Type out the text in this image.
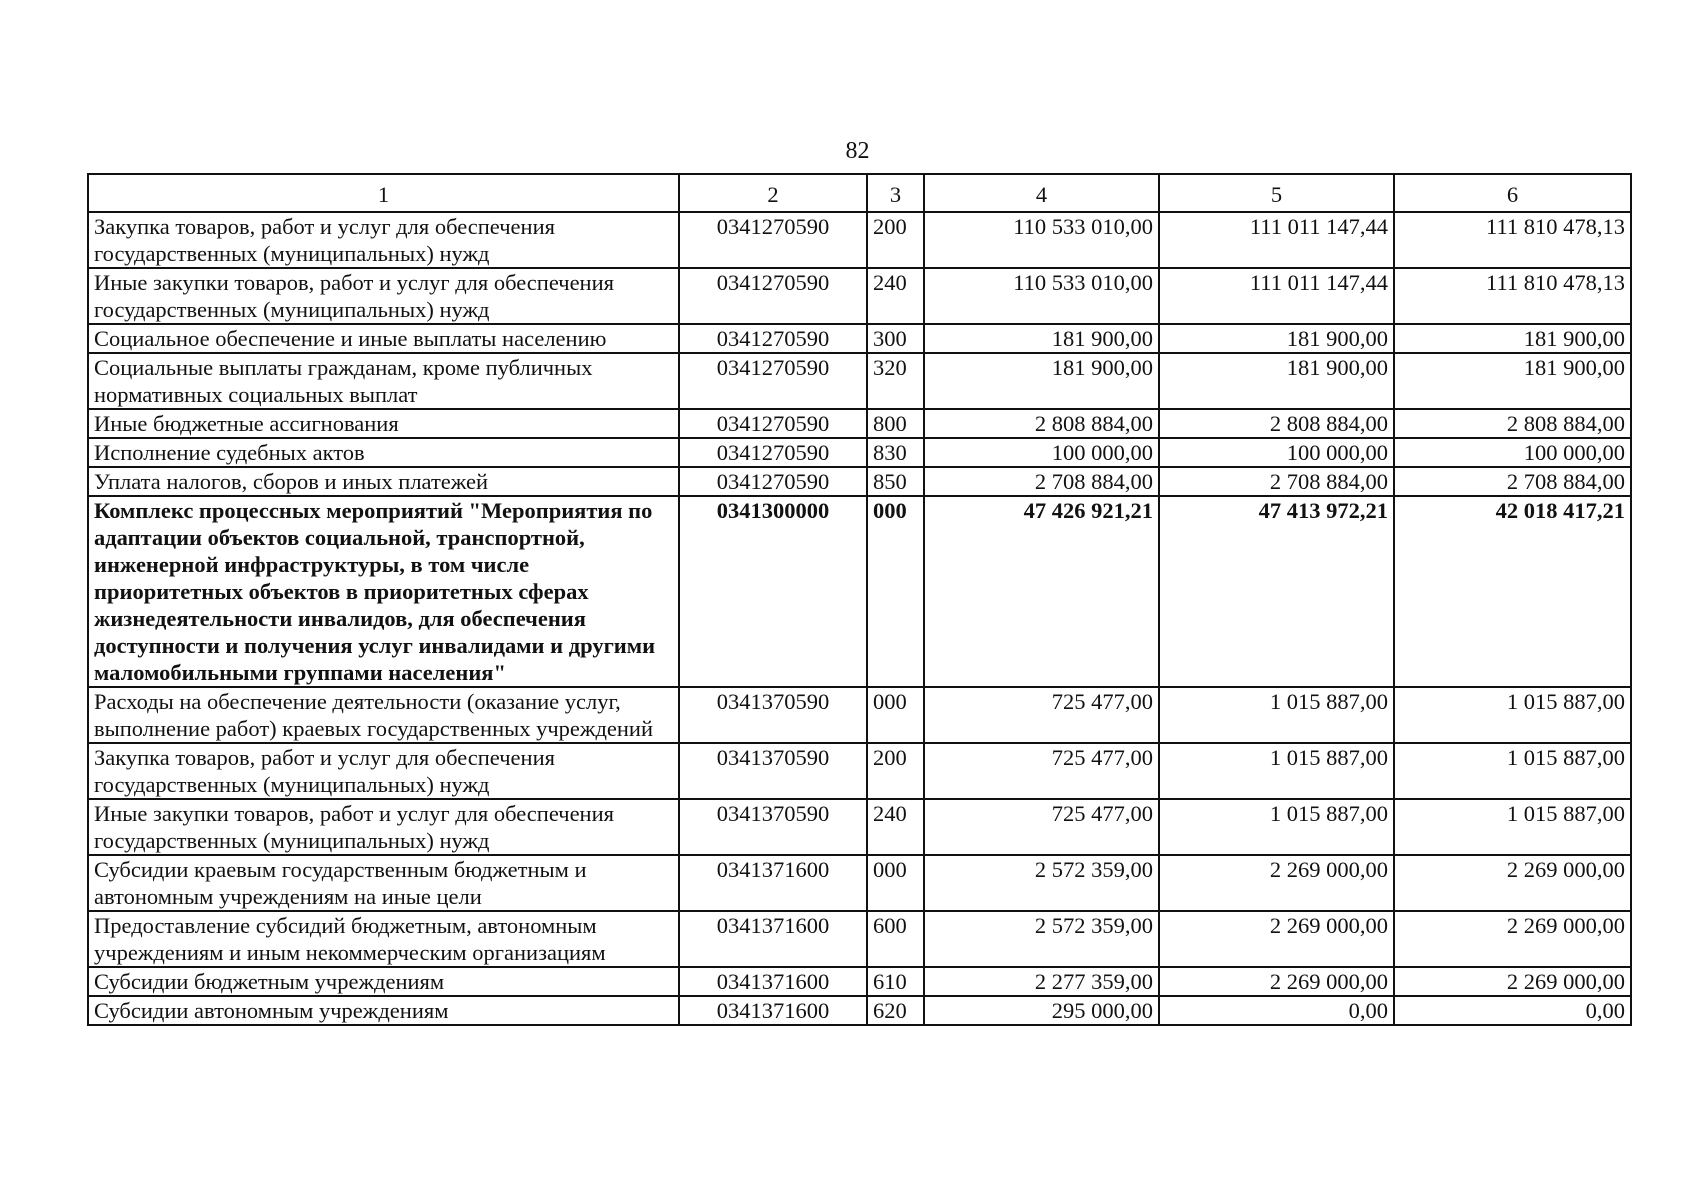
82
1	2	3	4	5	6
Закупка товаров, работ и услуг для обеспечения государственных (муниципальных) нужд	0341270590	200	110 533 010,00	111 011 147,44	111 810 478,13
Иные закупки товаров, работ и услуг для обеспечения государственных (муниципальных) нужд	0341270590	240	110 533 010,00	111 011 147,44	111 810 478,13
Социальное обеспечение и иные выплаты населению	0341270590	300	181 900,00	181 900,00	181 900,00
Социальные выплаты гражданам, кроме публичных нормативных социальных выплат	0341270590	320	181 900,00	181 900,00	181 900,00
Иные бюджетные ассигнования	0341270590	800	2 808 884,00	2 808 884,00	2 808 884,00
Исполнение судебных актов	0341270590	830	100 000,00	100 000,00	100 000,00
Уплата налогов, сборов и иных платежей	0341270590	850	2 708 884,00	2 708 884,00	2 708 884,00
Комплекс процессных мероприятий "Мероприятия по адаптации объектов социальной, транспортной, инженерной инфраструктуры, в том числе приоритетных объектов в приоритетных сферах жизнедеятельности инвалидов, для обеспечения доступности и получения услуг инвалидами и другими маломобильными группами населения"	0341300000	000	47 426 921,21	47 413 972,21	42 018 417,21
Расходы на обеспечение деятельности (оказание услуг, выполнение работ) краевых государственных учреждений	0341370590	000	725 477,00	1 015 887,00	1 015 887,00
Закупка товаров, работ и услуг для обеспечения государственных (муниципальных) нужд	0341370590	200	725 477,00	1 015 887,00	1 015 887,00
Иные закупки товаров, работ и услуг для обеспечения государственных (муниципальных) нужд	0341370590	240	725 477,00	1 015 887,00	1 015 887,00
Субсидии краевым государственным бюджетным и автономным учреждениям на иные цели	0341371600	000	2 572 359,00	2 269 000,00	2 269 000,00
Предоставление субсидий бюджетным, автономным учреждениям и иным некоммерческим организациям	0341371600	600	2 572 359,00	2 269 000,00	2 269 000,00
Субсидии бюджетным учреждениям	0341371600	610	2 277 359,00	2 269 000,00	2 269 000,00
Субсидии автономным учреждениям	0341371600	620	295 000,00	0,00	0,00
